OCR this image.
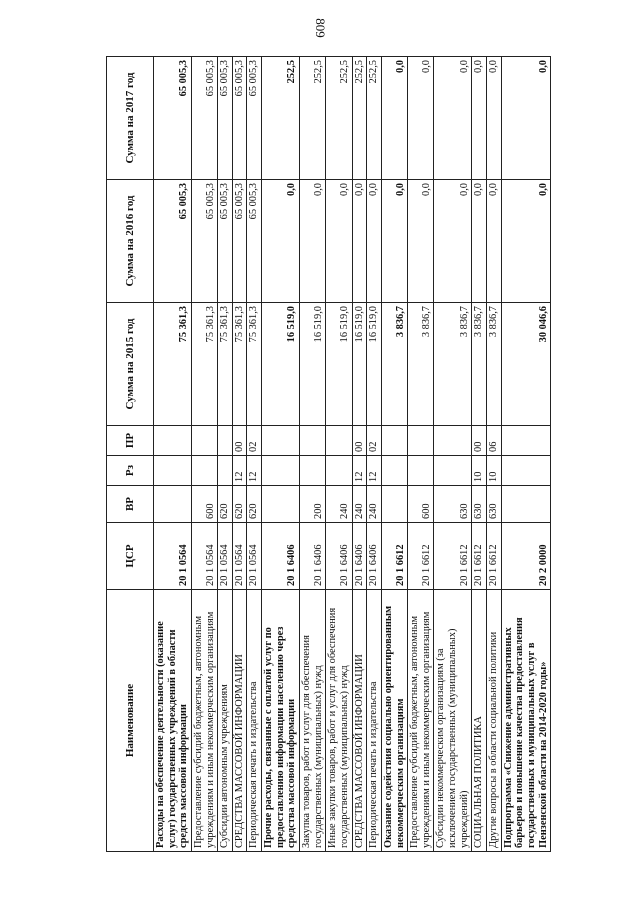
809
Наименование	ЦСР	ВР	Рз	ПР	Сумма на 2015 год	Сумма на 2016 год	Сумма на 2017 год
Расходы на обеспечение деятельности (оказание услуг) государственных учреждений в области средств массовой информации	20 1 0564				75 361,3	65 005,3	65 005,3
Предоставление субсидий бюджетным, автономным учреждениям и иным некоммерческим организациям	20 1 0564	600			75 361,3	65 005,3	65 005,3
Субсидии автономным учреждениям	20 1 0564	620			75 361,3	65 005,3	65 005,3
СРЕДСТВА МАССОВОЙ ИНФОРМАЦИИ	20 1 0564	620	12	00	75 361,3	65 005,3	65 005,3
Периодическая печать и издательства	20 1 0564	620	12	02	75 361,3	65 005,3	65 005,3
Прочие расходы, связанные с оплатой услуг по предоставлению информации населению через средства массовой информации	20 1 6406				16 519,0	0,0	252,5
Закупка товаров, работ и услуг для обеспечения государственных (муниципальных) нужд	20 1 6406	200			16 519,0	0,0	252,5
Иные закупки товаров, работ и услуг для обеспечения государственных (муниципальных) нужд	20 1 6406	240			16 519,0	0,0	252,5
СРЕДСТВА МАССОВОЙ ИНФОРМАЦИИ	20 1 6406	240	12	00	16 519,0	0,0	252,5
Периодическая печать и издательства	20 1 6406	240	12	02	16 519,0	0,0	252,5
Оказание содействия социально ориентированным некоммерческим организациям	20 1 6612				3 836,7	0,0	0,0
Предоставление субсидий бюджетным, автономным учреждениям и иным некоммерческим организациям	20 1 6612	600			3 836,7	0,0	0,0
Субсидии некоммерческим организациям (за исключением государственных (муниципальных) учреждений)	20 1 6612	630			3 836,7	0,0	0,0
СОЦИАЛЬНАЯ ПОЛИТИКА	20 1 6612	630	10	00	3 836,7	0,0	0,0
Другие вопросы в области социальной политики	20 1 6612	630	10	06	3 836,7	0,0	0,0
Подпрограмма «Снижение административных барьеров и повышение качества предоставления государственных и муниципальных услуг в Пензенской области на 2014-2020 годы»	20 2 0000				30 046,6	0,0	0,0
